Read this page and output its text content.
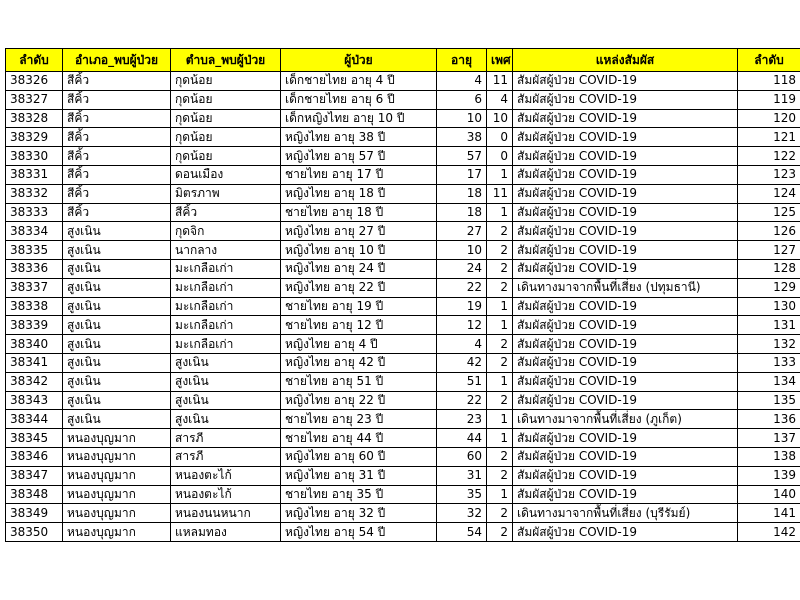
ลำดับ	อำเภอ_พบผู้ป่วย	ตำบล_พบผู้ป่วย	ผู้ป่วย	อายุ	เพศ	แหล่งสัมผัส	ลำดับ
38326	สีคิ้ว	กุดน้อย	เด็กชายไทย อายุ 4 ปี	4	11	สัมผัสผู้ป่วย COVID-19	118
38327	สีคิ้ว	กุดน้อย	เด็กชายไทย อายุ 6 ปี	6	4	สัมผัสผู้ป่วย COVID-19	119
38328	สีคิ้ว	กุดน้อย	เด็กหญิงไทย อายุ 10 ปี	10	10	สัมผัสผู้ป่วย COVID-19	120
38329	สีคิ้ว	กุดน้อย	หญิงไทย อายุ 38 ปี	38	0	สัมผัสผู้ป่วย COVID-19	121
38330	สีคิ้ว	กุดน้อย	หญิงไทย อายุ 57 ปี	57	0	สัมผัสผู้ป่วย COVID-19	122
38331	สีคิ้ว	ดอนเมือง	ชายไทย อายุ 17 ปี	17	1	สัมผัสผู้ป่วย COVID-19	123
38332	สีคิ้ว	มิตรภาพ	หญิงไทย อายุ 18 ปี	18	11	สัมผัสผู้ป่วย COVID-19	124
38333	สีคิ้ว	สีคิ้ว	ชายไทย อายุ 18 ปี	18	1	สัมผัสผู้ป่วย COVID-19	125
38334	สูงเนิน	กุดจิก	หญิงไทย อายุ 27 ปี	27	2	สัมผัสผู้ป่วย COVID-19	126
38335	สูงเนิน	นากลาง	หญิงไทย อายุ 10 ปี	10	2	สัมผัสผู้ป่วย COVID-19	127
38336	สูงเนิน	มะเกลือเก่า	หญิงไทย อายุ 24 ปี	24	2	สัมผัสผู้ป่วย COVID-19	128
38337	สูงเนิน	มะเกลือเก่า	หญิงไทย อายุ 22 ปี	22	2	เดินทางมาจากพื้นที่เสี่ยง (ปทุมธานี)	129
38338	สูงเนิน	มะเกลือเก่า	ชายไทย อายุ 19 ปี	19	1	สัมผัสผู้ป่วย COVID-19	130
38339	สูงเนิน	มะเกลือเก่า	ชายไทย อายุ 12 ปี	12	1	สัมผัสผู้ป่วย COVID-19	131
38340	สูงเนิน	มะเกลือเก่า	หญิงไทย อายุ 4 ปี	4	2	สัมผัสผู้ป่วย COVID-19	132
38341	สูงเนิน	สูงเนิน	หญิงไทย อายุ 42 ปี	42	2	สัมผัสผู้ป่วย COVID-19	133
38342	สูงเนิน	สูงเนิน	ชายไทย อายุ 51 ปี	51	1	สัมผัสผู้ป่วย COVID-19	134
38343	สูงเนิน	สูงเนิน	หญิงไทย อายุ 22 ปี	22	2	สัมผัสผู้ป่วย COVID-19	135
38344	สูงเนิน	สูงเนิน	ชายไทย อายุ 23 ปี	23	1	เดินทางมาจากพื้นที่เสี่ยง (ภูเก็ต)	136
38345	หนองบุญมาก	สารภี	ชายไทย อายุ 44 ปี	44	1	สัมผัสผู้ป่วย COVID-19	137
38346	หนองบุญมาก	สารภี	หญิงไทย อายุ 60 ปี	60	2	สัมผัสผู้ป่วย COVID-19	138
38347	หนองบุญมาก	หนองตะไก้	หญิงไทย อายุ 31 ปี	31	2	สัมผัสผู้ป่วย COVID-19	139
38348	หนองบุญมาก	หนองตะไก้	ชายไทย อายุ 35 ปี	35	1	สัมผัสผู้ป่วย COVID-19	140
38349	หนองบุญมาก	หนองนนหนาก	หญิงไทย อายุ 32 ปี	32	2	เดินทางมาจากพื้นที่เสี่ยง (บุรีรัมย์)	141
38350	หนองบุญมาก	แหลมทอง	หญิงไทย อายุ 54 ปี	54	2	สัมผัสผู้ป่วย COVID-19	142
